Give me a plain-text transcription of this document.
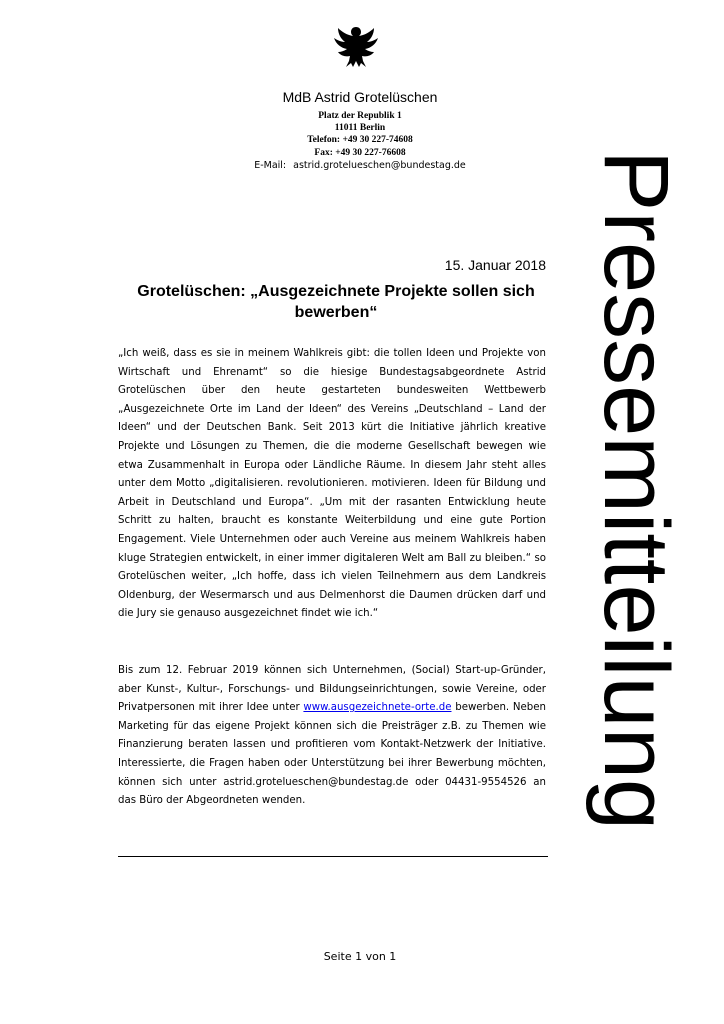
MdB Astrid Grotelüschen
Platz der Republik 1
11011 Berlin
Telefon: +49 30 227-74608
Fax: +49 30 227-76608
E-Mail: astrid.grotelueschen@bundestag.de	Pressemitteilung
15. Januar 2018
Grotelüschen: „Ausgezeichnete Projekte sollen sich bewerben“

„Ich weiß, dass es sie in meinem Wahlkreis gibt: die tollen Ideen und Projekte von Wirtschaft und Ehrenamt“ so die hiesige Bundestagsabgeordnete Astrid Grotelüschen über den heute gestarteten bundesweiten Wettbewerb „Ausgezeichnete Orte im Land der Ideen“ des Vereins „Deutschland – Land der Ideen“ und der Deutschen Bank. Seit 2013 kürt die Initiative jährlich kreative Projekte und Lösungen zu Themen, die die moderne Gesellschaft bewegen wie etwa Zusammenhalt in Europa oder Ländliche Räume. In diesem Jahr steht alles unter dem Motto „digitalisieren. revolutionieren. motivieren. Ideen für Bildung und Arbeit in Deutschland und Europa“. „Um mit der rasanten Entwicklung heute Schritt zu halten, braucht es konstante Weiterbildung und eine gute Portion Engagement. Viele Unternehmen oder auch Vereine aus meinem Wahlkreis haben kluge Strategien entwickelt, in einer immer digitaleren Welt am Ball zu bleiben.“ so Grotelüschen weiter, „Ich hoffe, dass ich vielen Teilnehmern aus dem Landkreis Oldenburg, der Wesermarsch und aus Delmenhorst die Daumen drücken darf und die Jury sie genauso ausgezeichnet findet wie ich.“

Bis zum 12. Februar 2019 können sich Unternehmen, (Social) Start-up-Gründer, aber Kunst-, Kultur-, Forschungs- und Bildungseinrichtungen, sowie Vereine, oder Privatpersonen mit ihrer Idee unter www.ausgezeichnete-orte.de bewerben. Neben Marketing für das eigene Projekt können sich die Preisträger z.B. zu Themen wie Finanzierung beraten lassen und profitieren vom Kontakt-Netzwerk der Initiative. Interessierte, die Fragen haben oder Unterstützung bei ihrer Bewerbung möchten, können sich unter astrid.grotelueschen@bundestag.de oder 04431-9554526 an das Büro der Abgeordneten wenden.

Seite 1 von 1
